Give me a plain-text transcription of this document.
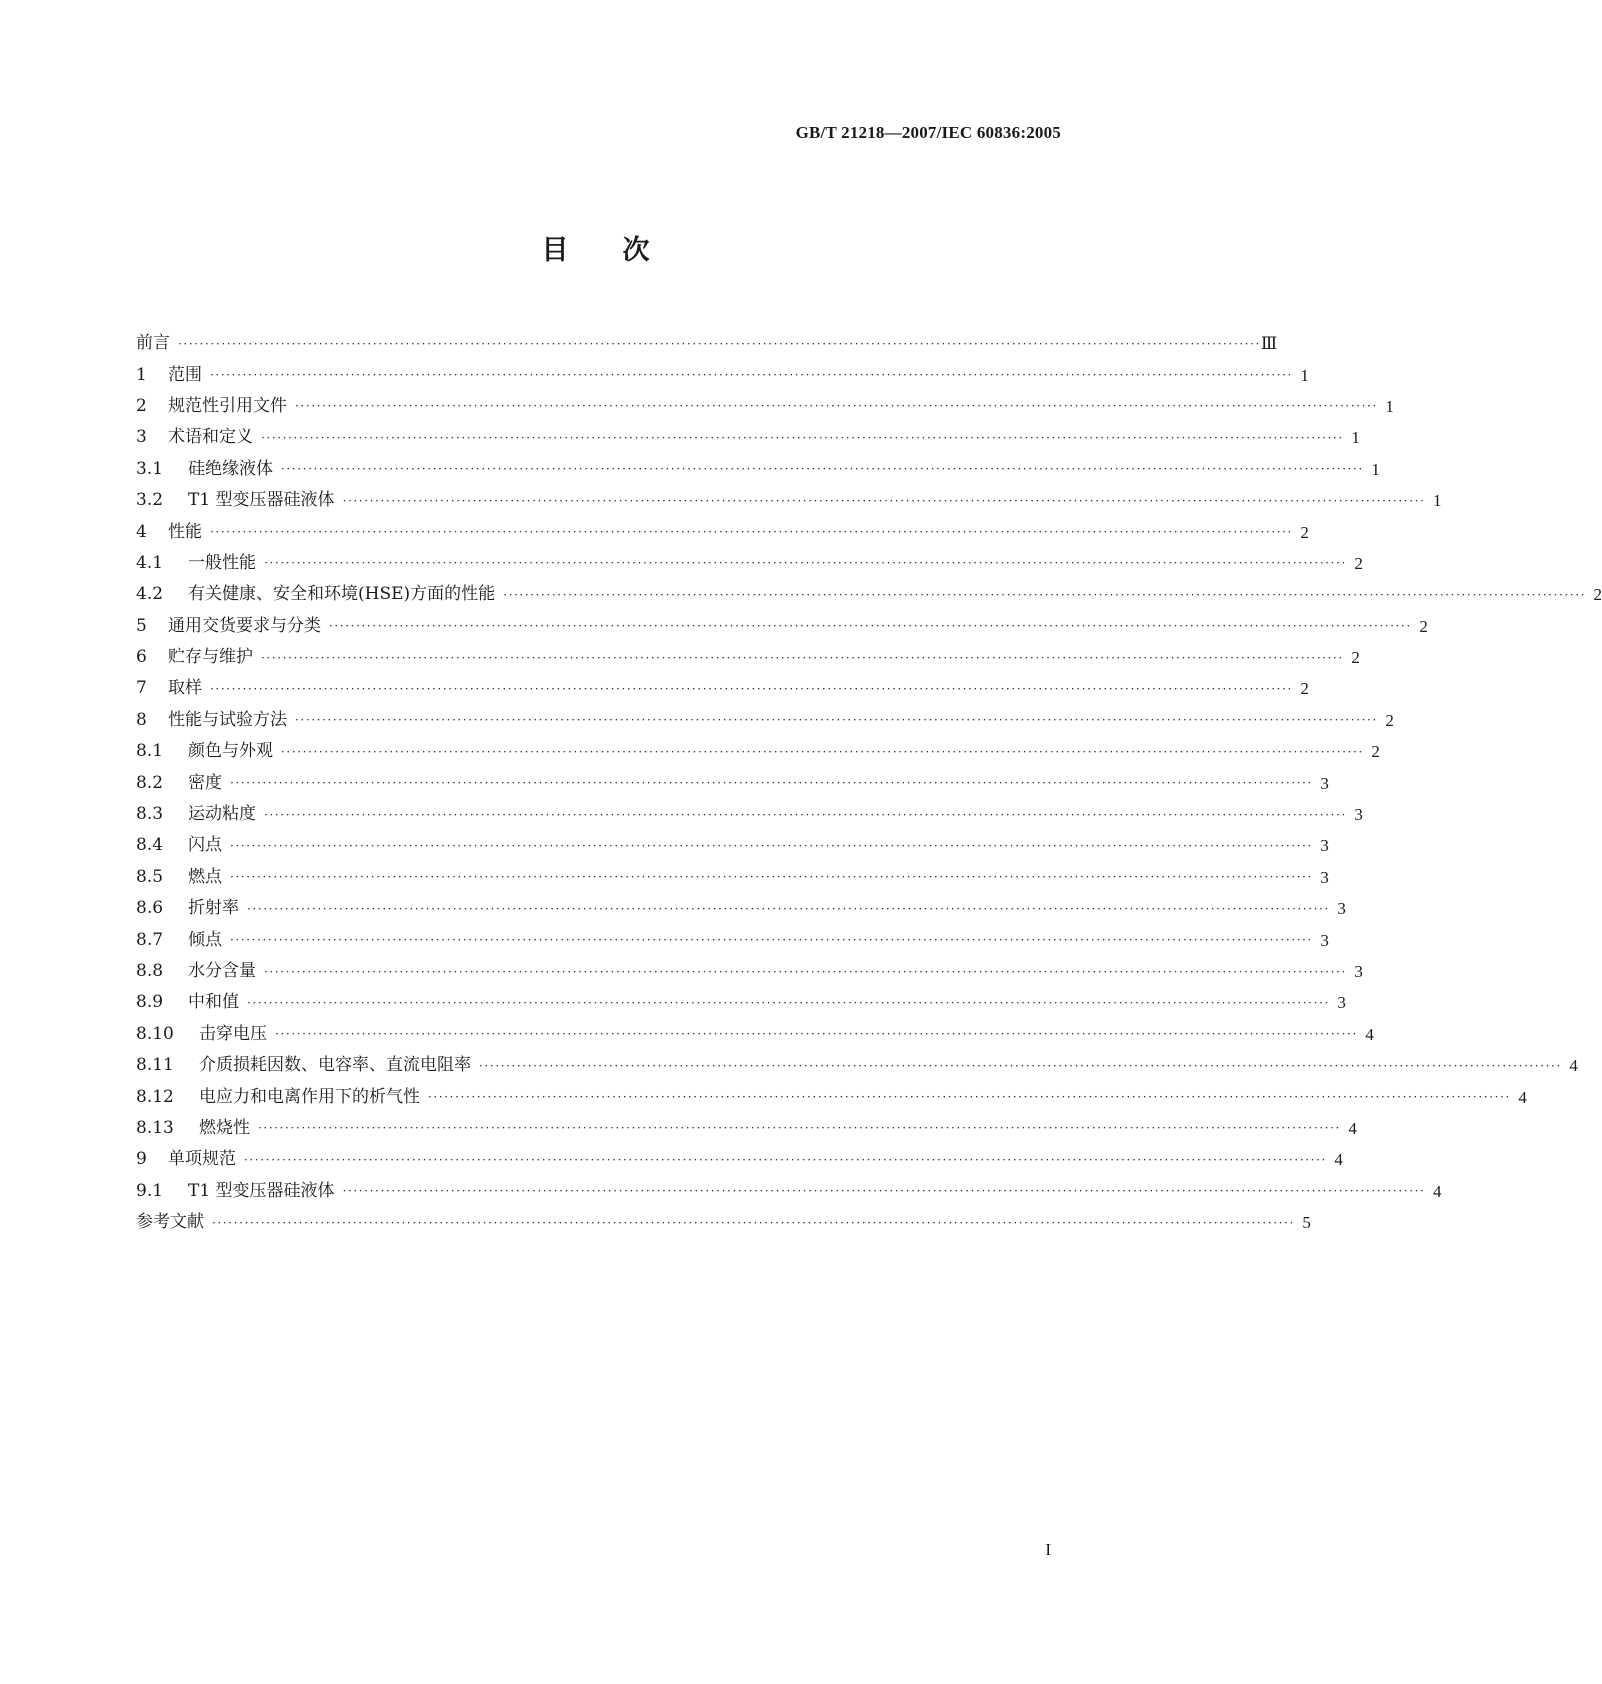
GB/T 21218—2007/IEC 60836:2005
目 次
前言 ········································································································································································································ Ⅲ
1	范围 ········································································································································································································ 1
2	规范性引用文件 ········································································································································································································ 1
3	术语和定义 ········································································································································································································ 1
3.1	硅绝缘液体 ········································································································································································································ 1
3.2	T1 型变压器硅液体 ········································································································································································································ 1
4	性能 ········································································································································································································ 2
4.1	一般性能 ········································································································································································································ 2
4.2	有关健康、安全和环境(HSE)方面的性能 ········································································································································································································ 2
5	通用交货要求与分类 ········································································································································································································ 2
6	贮存与维护 ········································································································································································································ 2
7	取样 ········································································································································································································ 2
8	性能与试验方法 ········································································································································································································ 2
8.1	颜色与外观 ········································································································································································································ 2
8.2	密度 ········································································································································································································ 3
8.3	运动粘度 ········································································································································································································ 3
8.4	闪点 ········································································································································································································ 3
8.5	燃点 ········································································································································································································ 3
8.6	折射率 ········································································································································································································ 3
8.7	倾点 ········································································································································································································ 3
8.8	水分含量 ········································································································································································································ 3
8.9	中和值 ········································································································································································································ 3
8.10	击穿电压 ········································································································································································································ 4
8.11	介质损耗因数、电容率、直流电阻率 ········································································································································································································ 4
8.12	电应力和电离作用下的析气性 ········································································································································································································ 4
8.13	燃烧性 ········································································································································································································ 4
9	单项规范 ········································································································································································································ 4
9.1	T1 型变压器硅液体 ········································································································································································································ 4
参考文献 ········································································································································································································ 5
I
